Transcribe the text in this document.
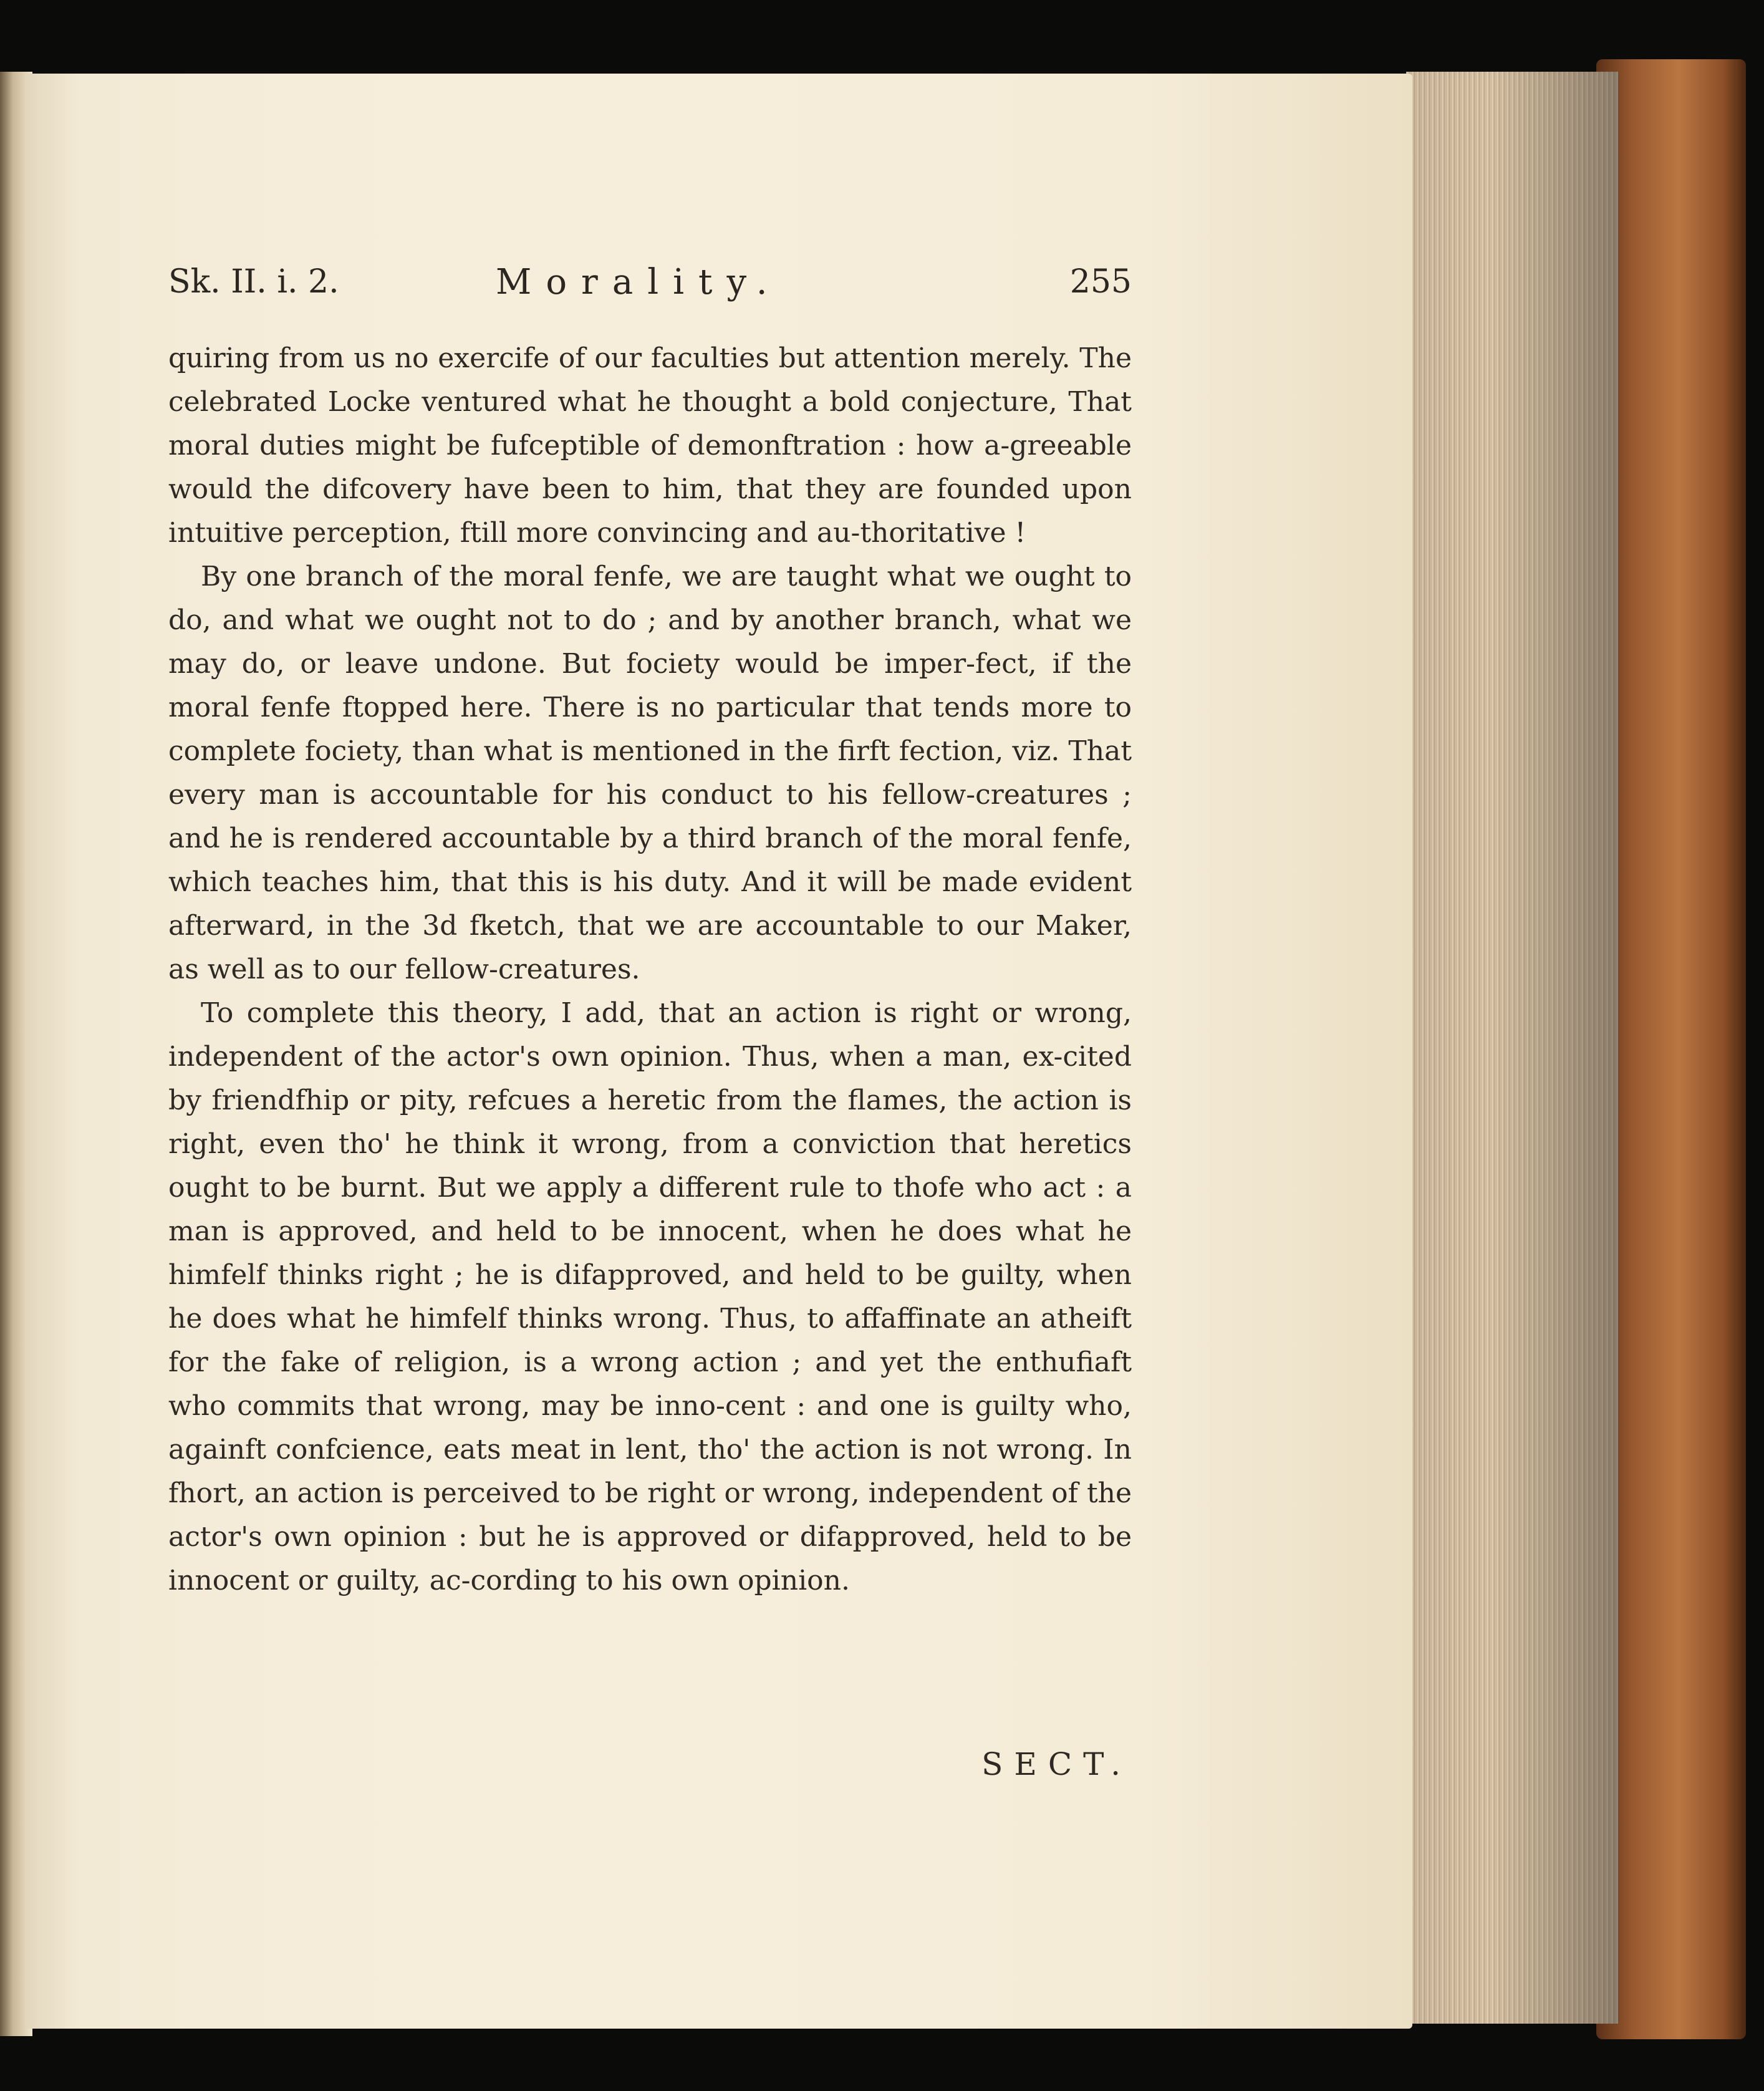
Sk. II. i. 2.	Morality.	255

quiring from us no exercife of our faculties but attention merely. The celebrated Locke ventured what he thought a bold conjecture, That moral duties might be fufceptible of demonftration : how a-greeable would the difcovery have been to him, that they are founded upon intuitive perception, ftill more convincing and au-thoritative !

By one branch of the moral fenfe, we are taught what we ought to do, and what we ought not to do ; and by another branch, what we may do, or leave undone. But fociety would be imper-fect, if the moral fenfe ftopped here. There is no particular that tends more to complete fociety, than what is mentioned in the firft fection, viz. That every man is accountable for his conduct to his fellow-creatures ; and he is rendered accountable by a third branch of the moral fenfe, which teaches him, that this is his duty. And it will be made evident afterward, in the 3d fketch, that we are accountable to our Maker, as well as to our fellow-creatures.

To complete this theory, I add, that an action is right or wrong, independent of the actor's own opinion. Thus, when a man, ex-cited by friendfhip or pity, refcues a heretic from the flames, the action is right, even tho' he think it wrong, from a conviction that heretics ought to be burnt. But we apply a different rule to thofe who act : a man is approved, and held to be innocent, when he does what he himfelf thinks right ; he is difapproved, and held to be guilty, when he does what he himfelf thinks wrong. Thus, to affaffinate an atheift for the fake of religion, is a wrong action ; and yet the enthufiaft who commits that wrong, may be inno-cent : and one is guilty who, againft confcience, eats meat in lent, tho' the action is not wrong. In fhort, an action is perceived to be right or wrong, independent of the actor's own opinion : but he is approved or difapproved, held to be innocent or guilty, ac-cording to his own opinion.

SECT.
